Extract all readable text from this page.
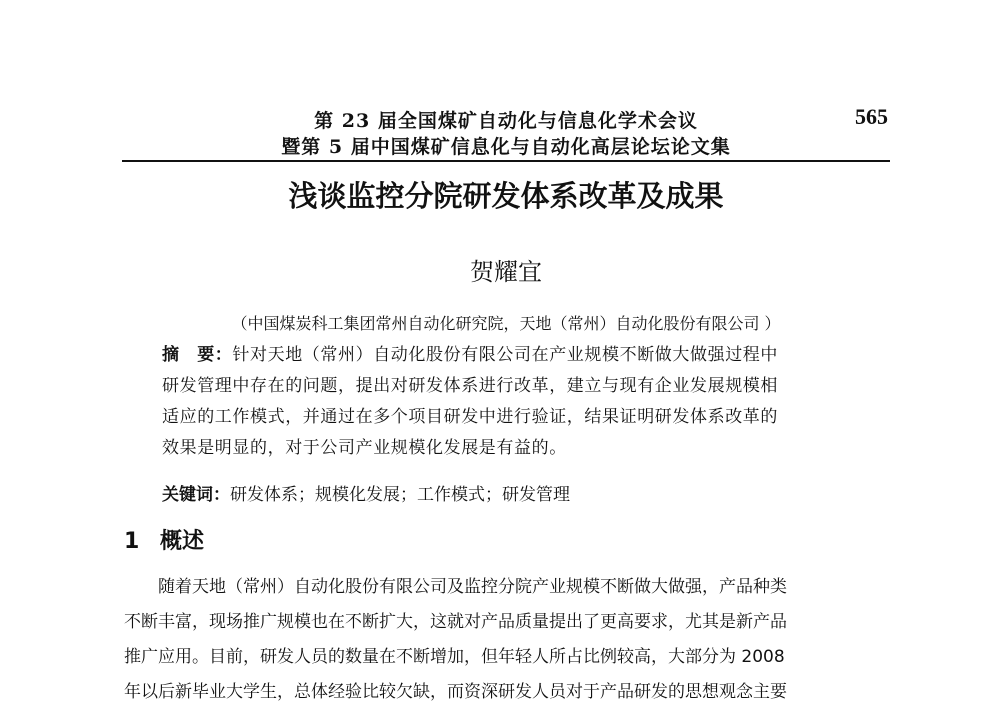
第 23 届全国煤矿自动化与信息化学术会议
暨第 5 届中国煤矿信息化与自动化高层论坛论文集
565
浅谈监控分院研发体系改革及成果
贺耀宜
（中国煤炭科工集团常州自动化研究院，天地（常州）自动化股份有限公司 ）
摘　要：针对天地（常州）自动化股份有限公司在产业规模不断做大做强过程中
研发管理中存在的问题，提出对研发体系进行改革，建立与现有企业发展规模相
适应的工作模式，并通过在多个项目研发中进行验证，结果证明研发体系改革的
效果是明显的，对于公司产业规模化发展是有益的。
关键词：研发体系；规模化发展；工作模式；研发管理
1 概述
随着天地（常州）自动化股份有限公司及监控分院产业规模不断做大做强，产品种类
不断丰富，现场推广规模也在不断扩大，这就对产品质量提出了更高要求，尤其是新产品
推广应用。目前，研发人员的数量在不断增加，但年轻人所占比例较高，大部分为 2008
年以后新毕业大学生，总体经验比较欠缺，而资深研发人员对于产品研发的思想观念主要
